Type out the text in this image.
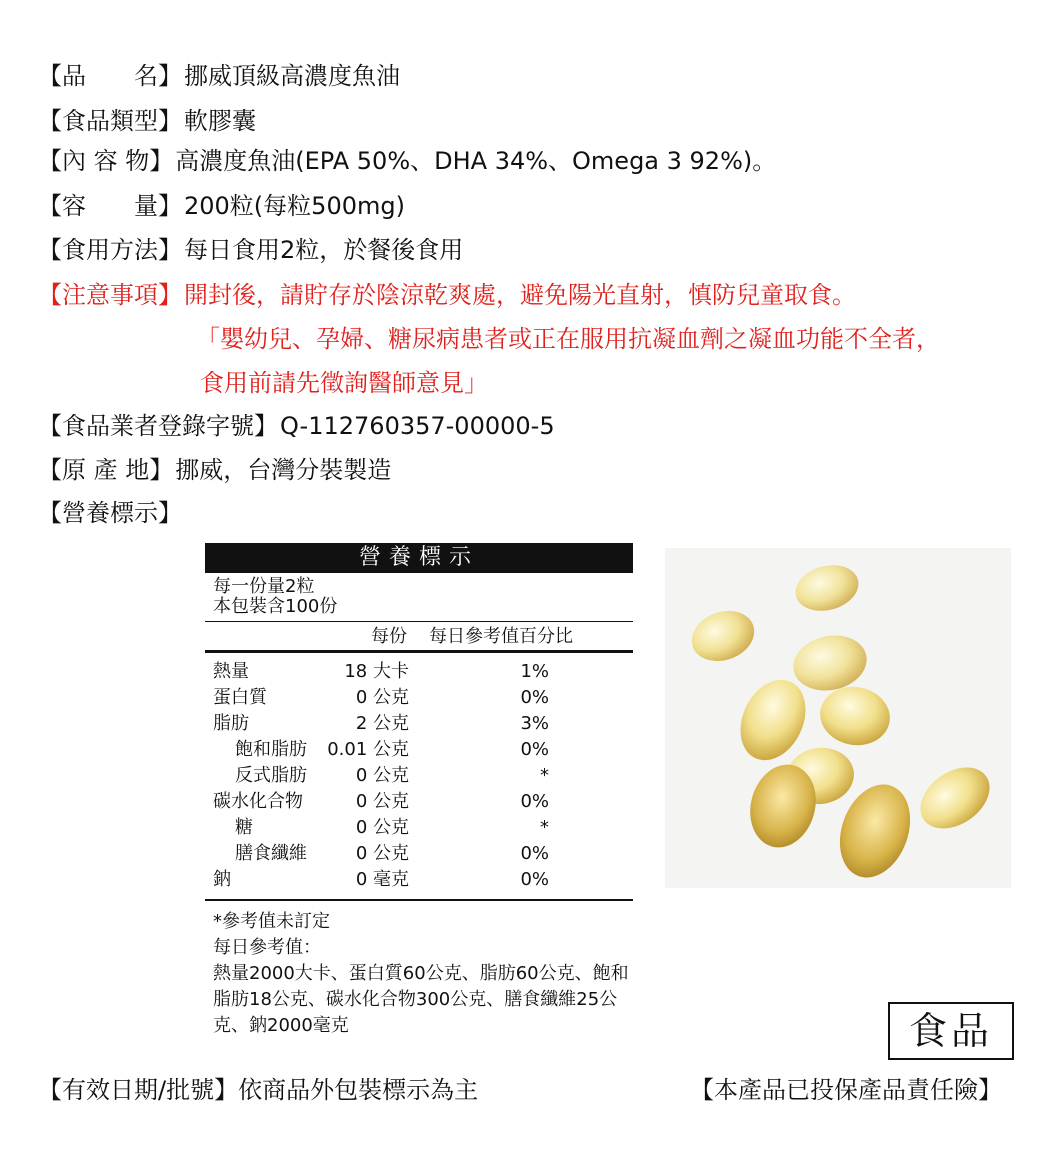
【品　　名】挪威頂級高濃度魚油
【食品類型】軟膠囊
【內 容 物】高濃度魚油(EPA 50%、DHA 34%、Omega 3 92%)。
【容　　量】200粒(每粒500mg)
【食用方法】每日食用2粒，於餐後食用
【注意事項】開封後，請貯存於陰涼乾爽處，避免陽光直射，慎防兒童取食。
「嬰幼兒、孕婦、糖尿病患者或正在服用抗凝血劑之凝血功能不全者，
食用前請先徵詢醫師意見」
【食品業者登錄字號】Q-112760357-00000-5
【原 產 地】挪威，台灣分裝製造
【營養標示】
營養標示
每一份量2粒
本包裝含100份
每份 每日參考值百分比
熱量	18 大卡	1%
蛋白質	0 公克	0%
脂肪	2 公克	3%
飽和脂肪 0.01 公克	0%
反式脂肪	0 公克	*
碳水化合物	0 公克	0%
糖	0 公克	*
膳食纖維	0 公克	0%
鈉	0 毫克	0%
*參考值未訂定
每日參考值：
熱量2000大卡、蛋白質60公克、脂肪60公克、飽和脂肪18公克、碳水化合物300公克、膳食纖維25公克、鈉2000毫克	食品
【有效日期/批號】依商品外包裝標示為主	【本產品已投保產品責任險】
